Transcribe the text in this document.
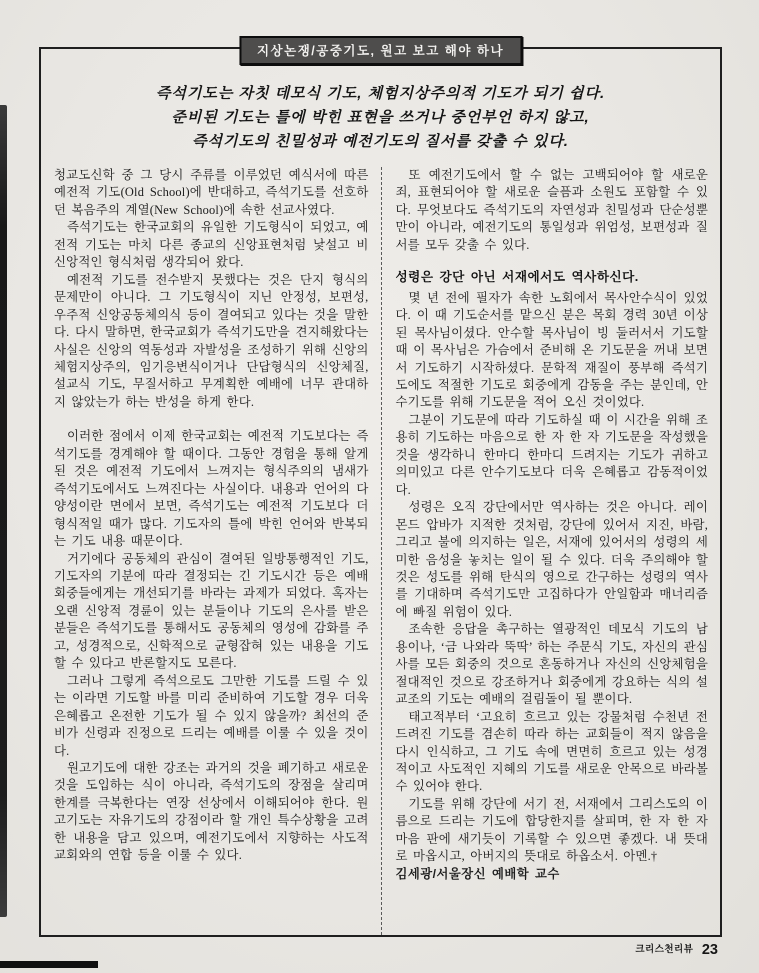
지상논쟁/공중기도, 원고 보고 해야 하나
즉석기도는 자칫 데모식 기도, 체험지상주의적 기도가 되기 쉽다.
준비된 기도는 틀에 박힌 표현을 쓰거나 중언부언 하지 않고,
즉석기도의 친밀성과 예전기도의 질서를 갖출 수 있다.

청교도신학 중 그 당시 주류를 이루었던 예식서에 따른 예전적 기도(Old School)에 반대하고, 즉석기도를 선호하던 복음주의 계열(New School)에 속한 선교사였다.

즉석기도는 한국교회의 유일한 기도형식이 되었고, 예전적 기도는 마치 다른 종교의 신앙표현처럼 낯설고 비신앙적인 형식처럼 생각되어 왔다.

예전적 기도를 전수받지 못했다는 것은 단지 형식의 문제만이 아니다. 그 기도형식이 지닌 안정성, 보편성, 우주적 신앙공동체의식 등이 결여되고 있다는 것을 말한다. 다시 말하면, 한국교회가 즉석기도만을 견지해왔다는 사실은 신앙의 역동성과 자발성을 조성하기 위해 신앙의 체험지상주의, 임기응변식이거나 단답형식의 신앙체질, 설교식 기도, 무질서하고 무계획한 예배에 너무 관대하지 않았는가 하는 반성을 하게 한다.

이러한 점에서 이제 한국교회는 예전적 기도보다는 즉석기도를 경계해야 할 때이다. 그동안 경험을 통해 알게 된 것은 예전적 기도에서 느껴지는 형식주의의 냄새가 즉석기도에서도 느껴진다는 사실이다. 내용과 언어의 다양성이란 면에서 보면, 즉석기도는 예전적 기도보다 더 형식적일 때가 많다. 기도자의 틀에 박힌 언어와 반복되는 기도 내용 때문이다.

거기에다 공동체의 관심이 결여된 일방통행적인 기도, 기도자의 기분에 따라 결정되는 긴 기도시간 등은 예배회중들에게는 개선되기를 바라는 과제가 되었다. 혹자는 오랜 신앙적 경륜이 있는 분들이나 기도의 은사를 받은 분들은 즉석기도를 통해서도 공동체의 영성에 감화를 주고, 성경적으로, 신학적으로 균형잡혀 있는 내용을 기도할 수 있다고 반론할지도 모른다.

그러나 그렇게 즉석으로도 그만한 기도를 드릴 수 있는 이라면 기도할 바를 미리 준비하여 기도할 경우 더욱 은혜롭고 온전한 기도가 될 수 있지 않을까? 최선의 준비가 신령과 진정으로 드리는 예배를 이룰 수 있을 것이다.

원고기도에 대한 강조는 과거의 것을 폐기하고 새로운 것을 도입하는 식이 아니라, 즉석기도의 장점을 살리며 한계를 극복한다는 연장 선상에서 이해되어야 한다. 원고기도는 자유기도의 강점이라 할 개인 특수상황을 고려한 내용을 담고 있으며, 예전기도에서 지향하는 사도적 교회와의 연합 등을 이룰 수 있다.

또 예전기도에서 할 수 없는 고백되어야 할 새로운 죄, 표현되어야 할 새로운 슬픔과 소원도 포함할 수 있다. 무엇보다도 즉석기도의 자연성과 친밀성과 단순성뿐만이 아니라, 예전기도의 통일성과 위엄성, 보편성과 질서를 모두 갖출 수 있다.

성령은 강단 아닌 서재에서도 역사하신다.

몇 년 전에 필자가 속한 노회에서 목사안수식이 있었다. 이 때 기도순서를 맡으신 분은 목회 경력 30년 이상된 목사님이셨다. 안수할 목사님이 빙 둘러서서 기도할 때 이 목사님은 가슴에서 준비해 온 기도문을 꺼내 보면서 기도하기 시작하셨다. 문학적 재질이 풍부해 즉석기도에도 적절한 기도로 회중에게 감동을 주는 분인데, 안수기도를 위해 기도문을 적어 오신 것이었다.

그분이 기도문에 따라 기도하실 때 이 시간을 위해 조용히 기도하는 마음으로 한 자 한 자 기도문을 작성했을 것을 생각하니 한마디 한마디 드려지는 기도가 귀하고 의미있고 다른 안수기도보다 더욱 은혜롭고 감동적이었다.

성령은 오직 강단에서만 역사하는 것은 아니다. 레이몬드 압바가 지적한 것처럼, 강단에 있어서 지진, 바람, 그리고 불에 의지하는 일은, 서재에 있어서의 성령의 세미한 음성을 놓치는 일이 될 수 있다. 더욱 주의해야 할 것은 성도를 위해 탄식의 영으로 간구하는 성령의 역사를 기대하며 즉석기도만 고집하다가 안일함과 매너리즘에 빠질 위험이 있다.

조속한 응답을 촉구하는 열광적인 데모식 기도의 남용이나, ‘금 나와라 뚝딱’ 하는 주문식 기도, 자신의 관심사를 모든 회중의 것으로 혼동하거나 자신의 신앙체험을 절대적인 것으로 강조하거나 회중에게 강요하는 식의 설교조의 기도는 예배의 걸림돌이 될 뿐이다.

태고적부터 ‘고요히 흐르고 있는 강물처럼 수천년 전 드려진 기도를 겸손히 따라 하는 교회들이 적지 않음을 다시 인식하고, 그 기도 속에 면면히 흐르고 있는 성경적이고 사도적인 지혜의 기도를 새로운 안목으로 바라볼 수 있어야 한다.

기도를 위해 강단에 서기 전, 서재에서 그리스도의 이름으로 드리는 기도에 합당한지를 살피며, 한 자 한 자 마음 판에 새기듯이 기록할 수 있으면 좋겠다. 내 뜻대로 마옵시고, 아버지의 뜻대로 하옵소서. 아멘.†

김세광/서울장신 예배학 교수

크리스천리뷰 23
